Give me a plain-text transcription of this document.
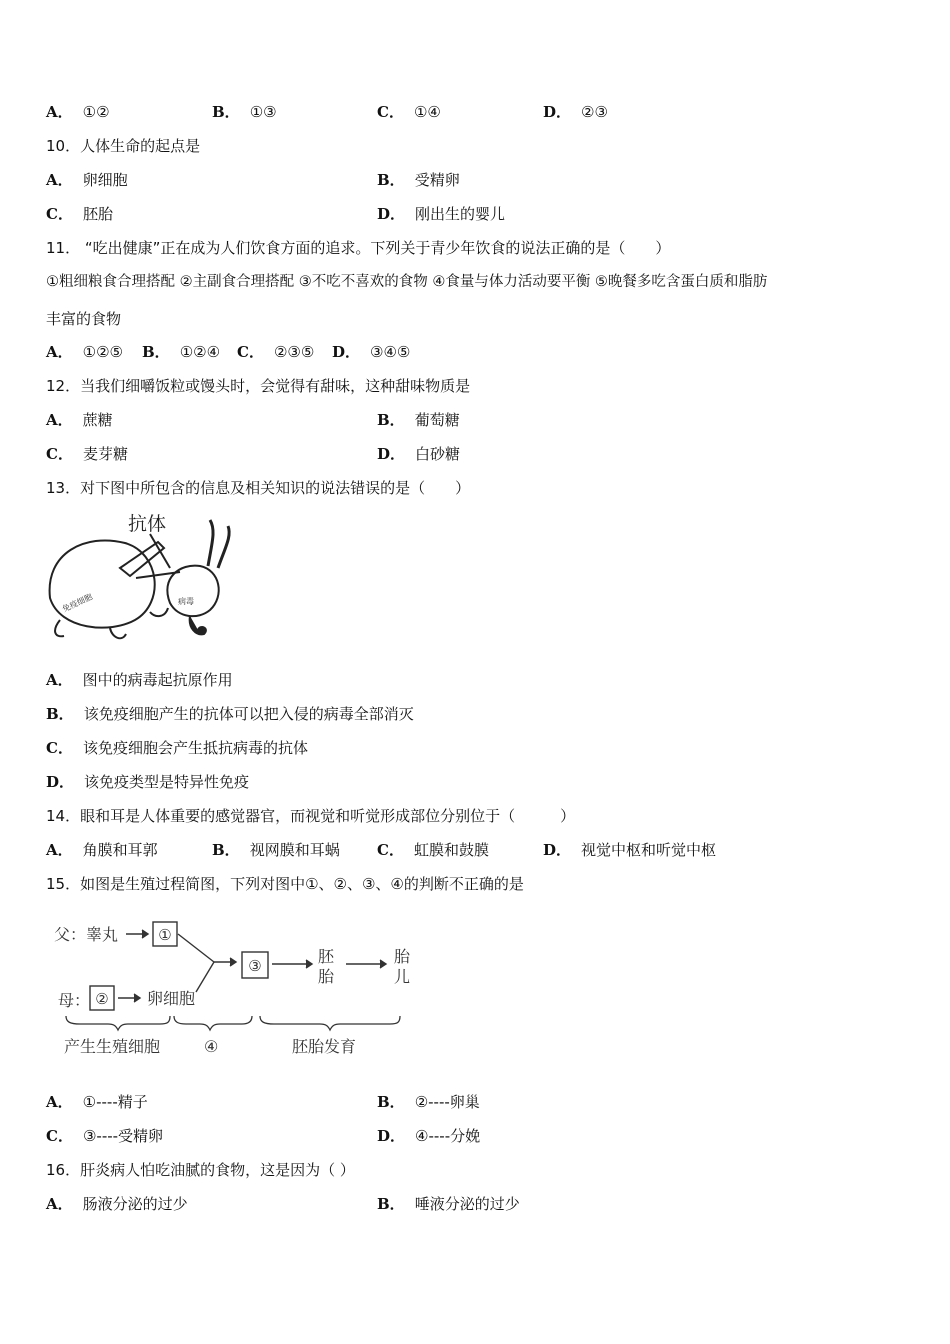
A． ①②	B． ①③	C． ①④	D． ②③
10．人体生命的起点是
A． 卵细胞	B． 受精卵
C． 胚胎	D． 刚出生的婴儿
11． “吃出健康”正在成为人们饮食方面的追求。下列关于青少年饮食的说法正确的是（　　）
①粗细粮食合理搭配 ②主副食合理搭配 ③不吃不喜欢的食物 ④食量与体力活动要平衡 ⑤晚餐多吃含蛋白质和脂肪
丰富的食物
A． ①②⑤ B． ①②④ C． ②③⑤ D． ③④⑤
12．当我们细嚼饭粒或馒头时，会觉得有甜味，这种甜味物质是
A． 蔗糖	B． 葡萄糖
C． 麦芽糖	D． 白砂糖
13．对下图中所包含的信息及相关知识的说法错误的是（　　）
抗体
免疫细胞	病毒
A． 图中的病毒起抗原作用
B． 该免疫细胞产生的抗体可以把入侵的病毒全部消灭
C． 该免疫细胞会产生抵抗病毒的抗体
D． 该免疫类型是特异性免疫
14．眼和耳是人体重要的感觉器官，而视觉和听觉形成部位分别位于（　　　）
A． 角膜和耳郭	B． 视网膜和耳蜗 C． 虹膜和鼓膜	D． 视觉中枢和听觉中枢
15．如图是生殖过程简图，下列对图中①、②、③、④的判断不正确的是
父：睾丸
母：	卵细胞
胚
胎
胎
儿
产生生殖细胞	④	胚胎发育
①
②
③
A． ①----精子	B． ②----卵巢
C． ③----受精卵	D． ④----分娩
16．肝炎病人怕吃油腻的食物，这是因为（ ）
A． 肠液分泌的过少	B． 唾液分泌的过少
